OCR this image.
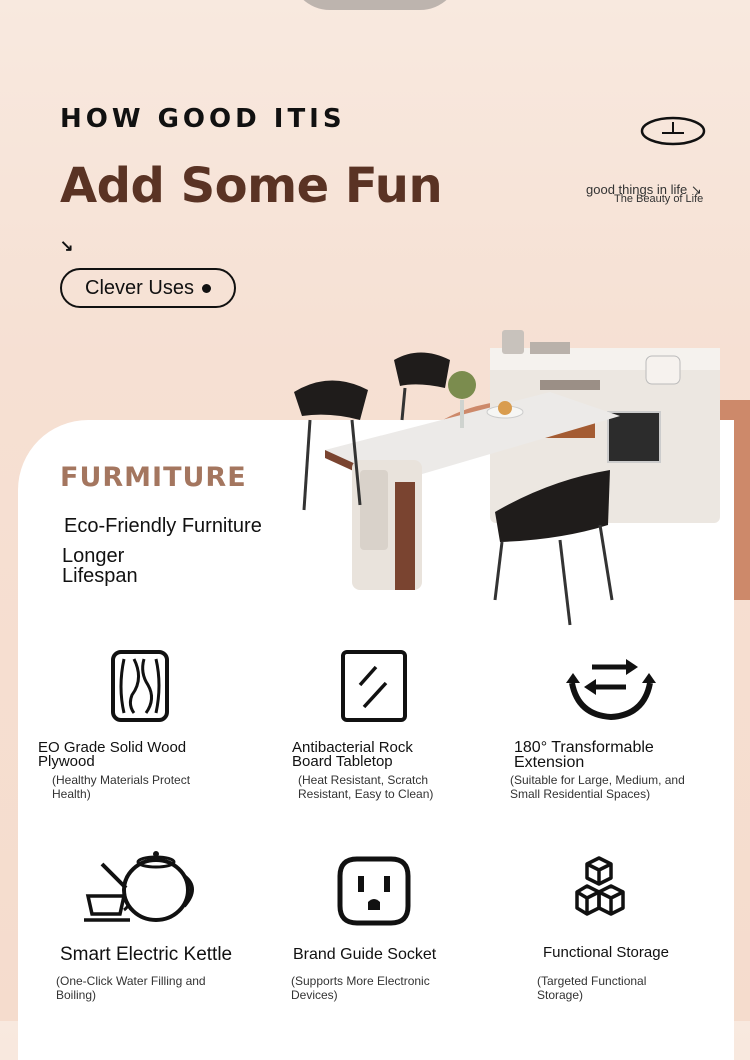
HOW GOOD ITIS
Add Some Fun
↘
Clever Uses
good things in life ↘
The Beauty of Life
FURMITURE
Eco-Friendly Furniture
Longer
Lifespan
EO Grade Solid Wood
Plywood
(Healthy Materials Protect
Health)
Antibacterial Rock
Board Tabletop
(Heat Resistant, Scratch
Resistant, Easy to Clean)
180° Transformable
Extension
(Suitable for Large, Medium, and
Small Residential Spaces)
Smart Electric Kettle
(One-Click Water Filling and
Boiling)
Brand Guide Socket
(Supports More Electronic
Devices)
Functional Storage
(Targeted Functional
Storage)
